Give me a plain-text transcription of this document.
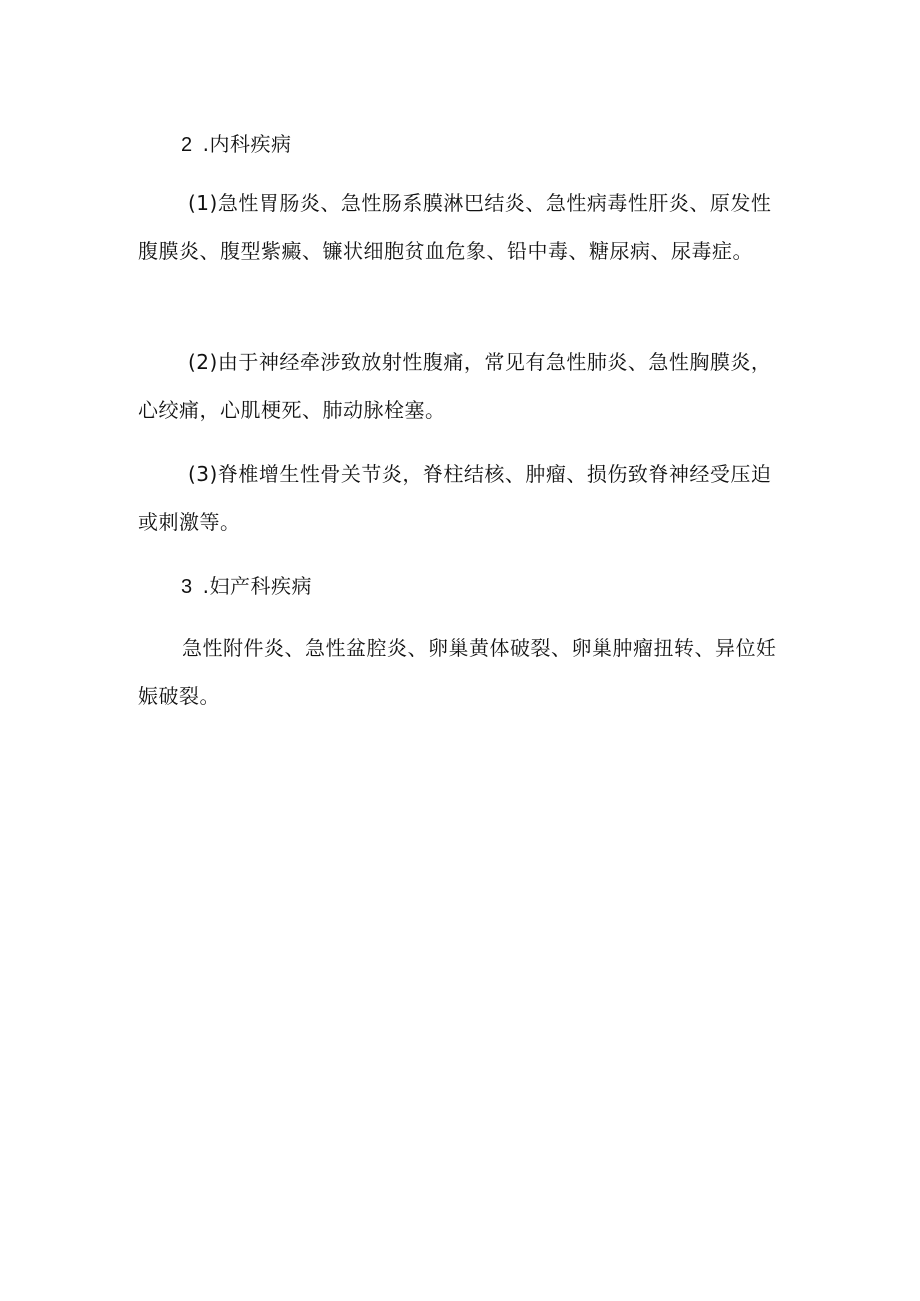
2 .内科疾病
(1)急性胃肠炎、急性肠系膜淋巴结炎、急性病毒性肝炎、原发性腹膜炎、腹型紫癜、镰状细胞贫血危象、铅中毒、糖尿病、尿毒症。
(2)由于神经牵涉致放射性腹痛，常见有急性肺炎、急性胸膜炎，心绞痛，心肌梗死、肺动脉栓塞。
(3)脊椎增生性骨关节炎，脊柱结核、肿瘤、损伤致脊神经受压迫或刺激等。
3 .妇产科疾病
急性附件炎、急性盆腔炎、卵巢黄体破裂、卵巢肿瘤扭转、异位妊娠破裂。
